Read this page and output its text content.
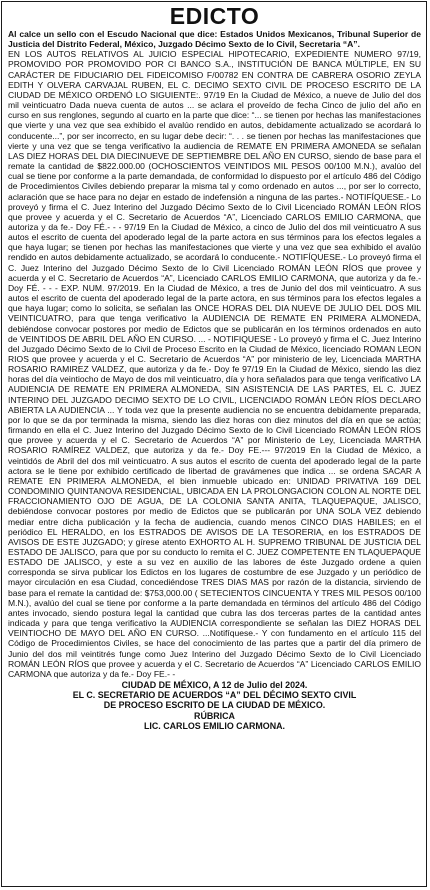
EDICTO

Al calce un sello con el Escudo Nacional que dice: Estados Unidos Mexicanos, Tribunal Superior de Justicia del Distrito Federal, México, Juzgado Décimo Sexto de lo Civil, Secretaria “A”.

EN LOS AUTOS RELATIVOS AL JUICIO ESPECIAL HIPOTECARIO, EXPEDIENTE NUMERO 97/19, PROMOVIDO POR PROMOVIDO POR CI BANCO S.A., INSTITUCIÓN DE BANCA MÚLTIPLE, EN SU CARÁCTER DE FIDUCIARIO DEL FIDEICOMISO F/00782 EN CONTRA DE CABRERA OSORIO ZEYLA EDITH Y OLVERA CARVAJAL RUBEN, EL C. DECIMO SEXTO CIVIL DE PROCESO ESCRITO DE LA CIUDAD DE MÉXICO ORDENÓ LO SIGUIENTE:. 97/19 En la Ciudad de México, a nueve de Julio del dos mil veinticuatro Dada nueva cuenta de autos ... se aclara el proveído de fecha Cinco de julio del año en curso en sus renglones, segundo al cuarto en la parte que dice: “... se tienen por hechas las manifestaciones que vierte y una vez que sea exhibido el avalúo rendido en autos, debidamente actualizado se acordará lo conducente...”, por ser incorrecto, en su lugar debe decir: “. . . se tienen por hechas las manifestaciones que vierte y una vez que se tenga verificativo la audiencia de REMATE EN PRIMERA AMONEDA se señalan LAS DIEZ HORAS DEL DIA DIECINUEVE DE SEPTIEMBRE DEL AÑO EN CURSO, siendo de base para el remate la cantidad de $822.000.00 (OCHOSCIENTOS VEINTIDOS MIL PESOS 00/100 M.N.), avalúo del cual se tiene por conforme a la parte demandada, de conformidad lo dispuesto por el artículo 486 del Código de Procedimientos Civiles debiendo preparar la misma tal y como ordenado en autos ..., por ser lo correcto, aclaración que se hace para no dejar en estado de indefensión a ninguna de las partes.- NOTIFÍQUESE.- Lo proveyó y firma el C. Juez Interino del Juzgado Décimo Sexto de lo Civil Licenciado ROMÁN LEÓN RÍOS que provee y acuerda y el C. Secretario de Acuerdos “A”, Licenciado CARLOS EMILIO CARMONA, que autoriza y da fe.- Doy FÉ.- - - 97/19 En la Ciudad de México, a cinco de Julio del dos mil veinticuatro A sus autos el escrito de cuenta del apoderado legal de la parte actora en sus términos para los efectos legales a que haya lugar; se tienen por hechas las manifestaciones que vierte y una vez que sea exhibido el avalúo rendido en autos debidamente actualizado, se acordará lo conducente.- NOTIFÍQUESE.- Lo proveyó firma el C. Juez Interino del Juzgado Décimo Sexto de lo Civil Licenciado ROMÁN LEÓN RÍOS que provee y acuerda y el C. Secretario de Acuerdos “A”, Licenciado CARLOS EMILIO CARMONA, que autoriza y da fe.- Doy FÉ. - - - EXP. NUM. 97/2019. En la Ciudad de México, a tres de Junio del dos mil veinticuatro. A sus autos el escrito de cuenta del apoderado legal de la parte actora, en sus términos para los efectos legales a que haya lugar; como lo solicita, se señalan las ONCE HORAS DEL DIA NUEVE DE JULIO DEL DOS MIL VEINTICUATRO, para que tenga verificativo la AUDIENCIA DE REMATE EN PRIMERA ALMONEDA, debiéndose convocar postores por medio de Edictos que se publicarán en los términos ordenados en auto de VEINTIDOS DE ABRIL DEL AÑO EN CURSO. ... - NOTIFIQUESE - Lo proveyó y firma el C. Juez Interino del Juzgado Décimo Sexto de lo Civil de Proceso Escrito en la Ciudad de México, licenciado ROMAN LEON RIOS que provee y acuerda y el C. Secretario de Acuerdos “A” por ministerio de ley, Licenciada MARTHA ROSARIO RAMIREZ VALDEZ, que autoriza y da fe.- Doy fe 97/19 En la Ciudad de México, siendo las diez horas del día veintiocho de Mayo de dos mil veinticuatro, día y hora señalados para que tenga verificativo LA AUDIENCIA DE REMATE EN PRIMERA ALMONEDA, SIN ASISTENCIA DE LAS PARTES, EL C. JUEZ INTERINO DEL JUZGADO DECIMO SEXTO DE LO CIVIL, LICENCIADO ROMÁN LEÓN RÍOS DECLARO ABIERTA LA AUDIENCIA ... Y toda vez que la presente audiencia no se encuentra debidamente preparada, por lo que se da por terminada la misma, siendo las diez horas con diez minutos del día en que se actúa; firmando en ella el C. Juez Interino del Juzgado Décimo Sexto de lo Civil Licenciado ROMÁN LEÓN RÍOS que provee y acuerda y el C. Secretario de Acuerdos “A” por Ministerio de Ley, Licenciada MARTHA ROSARIO RAMÍREZ VALDEZ, que autoriza y da fe.- Doy FE.--- 97/2019 En la Ciudad de México, a veintidós de Abril del dos mil veinticuatro. A sus autos el escrito de cuenta del apoderado legal de la parte actora se le tiene por exhibido certificado de libertad de gravámenes que indica ... se ordena SACAR A REMATE EN PRIMERA ALMONEDA, el bien inmueble ubicado en: UNIDAD PRIVATIVA 169 DEL CONDOMINIO QUINTANOVA RESIDENCIAL, UBICADA EN LA PROLONGACION COLON AL NORTE DEL FRACCIONAMIENTO OJO DE AGUA, DE LA COLONIA SANTA ANITA, TLAQUEPAQUE, JALISCO, debiéndose convocar postores por medio de Edictos que se publicarán por UNA SOLA VEZ debiendo mediar entre dicha publicación y la fecha de audiencia, cuando menos CINCO DIAS HABILES; en el periódico EL HERALDO, en los ESTRADOS DE AVISOS DE LA TESORERIA, en los ESTRADOS DE AVISOS DE ESTE JUZGADO; y gírese atento EXHORTO AL H. SUPREMO TRIBUNAL DE JUSTICIA DEL ESTADO DE JALISCO, para que por su conducto lo remita el C. JUEZ COMPETENTE EN TLAQUEPAQUE ESTADO DE JALISCO, y este a su vez en auxilio de las labores de éste Juzgado ordene a quien corresponda se sirva publicar los Edictos en los lugares de costumbre de ese Juzgado y un periódico de mayor circulación en esa Ciudad, concediéndose TRES DIAS MAS por razón de la distancia, sirviendo de base para el remate la cantidad de: $753,000.00 ( SETECIENTOS CINCUENTA Y TRES MIL PESOS 00/100 M.N.), avalúo del cual se tiene por conforme a la parte demandada en términos del artículo 486 del Código antes invocado, siendo postura legal la cantidad que cubra las dos terceras partes de la cantidad antes indicada y para que tenga verificativo la AUDIENCIA correspondiente se señalan las DIEZ HORAS DEL VEINTIOCHO DE MAYO DEL AÑO EN CURSO. ...Notifíquese.- Y con fundamento en el artículo 115 del Código de Procedimientos Civiles, se hace del conocimiento de las partes que a partir del día primero de Junio del dos mil veintitrés funge como Juez Interino del Juzgado Décimo Sexto de lo Civil Licenciado ROMÁN LEÓN RÍOS que provee y acuerda y el C. Secretario de Acuerdos “A” Licenciado CARLOS EMILIO CARMONA que autoriza y da fe.- Doy FE.- -

CIUDAD DE MÉXICO, A 12 de Julio del 2024.
EL C. SECRETARIO DE ACUERDOS “A” DEL DÉCIMO SEXTO CIVIL
DE PROCESO ESCRITO DE LA CIUDAD DE MÉXICO.
RÚBRICA
LIC. CARLOS EMILIO CARMONA.
